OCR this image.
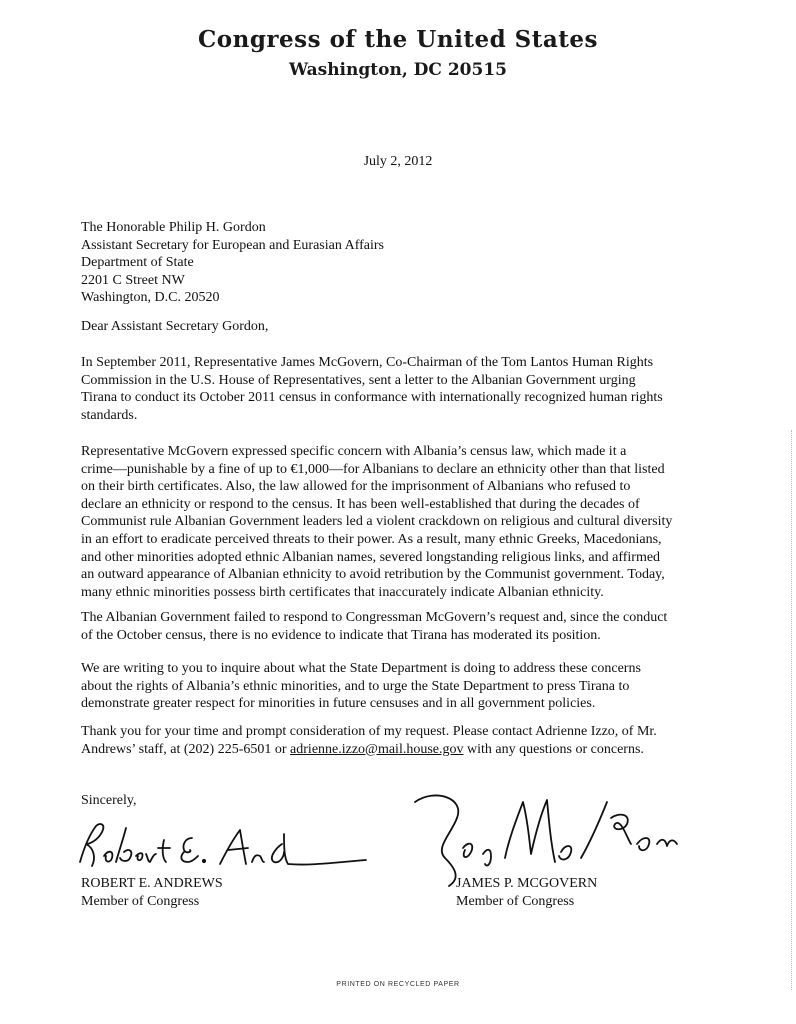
Congress of the United States
Washington, DC 20515
July 2, 2012
The Honorable Philip H. Gordon
Assistant Secretary for European and Eurasian Affairs
Department of State
2201 C Street NW
Washington, D.C. 20520
Dear Assistant Secretary Gordon,

In September 2011, Representative James McGovern, Co-Chairman of the Tom Lantos Human Rights
Commission in the U.S. House of Representatives, sent a letter to the Albanian Government urging
Tirana to conduct its October 2011 census in conformance with internationally recognized human rights
standards.

Representative McGovern expressed specific concern with Albania’s census law, which made it a
crime—punishable by a fine of up to €1,000—for Albanians to declare an ethnicity other than that listed
on their birth certificates. Also, the law allowed for the imprisonment of Albanians who refused to
declare an ethnicity or respond to the census. It has been well-established that during the decades of
Communist rule Albanian Government leaders led a violent crackdown on religious and cultural diversity
in an effort to eradicate perceived threats to their power. As a result, many ethnic Greeks, Macedonians,
and other minorities adopted ethnic Albanian names, severed longstanding religious links, and affirmed
an outward appearance of Albanian ethnicity to avoid retribution by the Communist government. Today,
many ethnic minorities possess birth certificates that inaccurately indicate Albanian ethnicity.

The Albanian Government failed to respond to Congressman McGovern’s request and, since the conduct
of the October census, there is no evidence to indicate that Tirana has moderated its position.

We are writing to you to inquire about what the State Department is doing to address these concerns
about the rights of Albania’s ethnic minorities, and to urge the State Department to press Tirana to
demonstrate greater respect for minorities in future censuses and in all government policies.

Thank you for your time and prompt consideration of my request. Please contact Adrienne Izzo, of Mr.
Andrews’ staff, at (202) 225-6501 or adrienne.izzo@mail.house.gov with any questions or concerns.

Sincerely,
ROBERT E. ANDREWS
Member of Congress
JAMES P. MCGOVERN
Member of Congress
PRINTED ON RECYCLED PAPER
